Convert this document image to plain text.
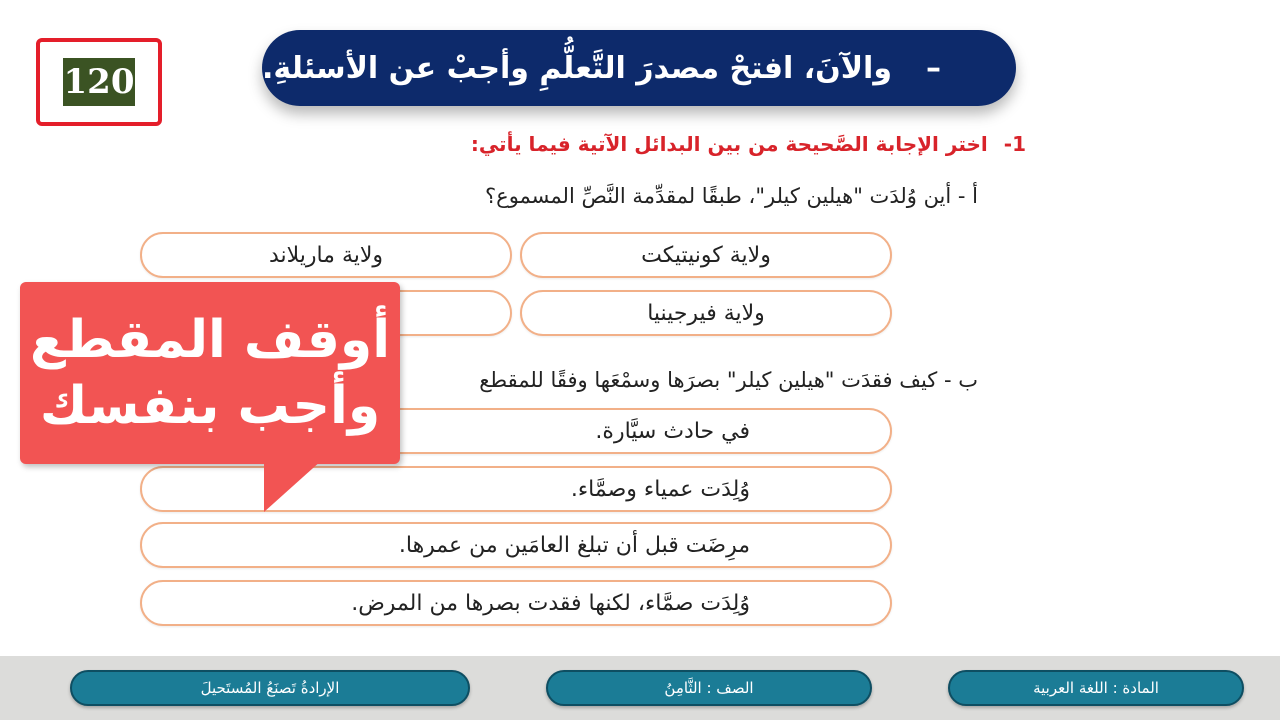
120	–
والآنَ، افتحْ مصدرَ التَّعلُّمِ وأجبْ عن الأسئلةِ.
1-اختر الإجابة الصَّحيحة من بين البدائل الآتية فيما يأتي:
أ - أين وُلدَت "هيلين كيلر"، طبقًا لمقدِّمة النَّصِّ المسموع؟
ولاية كونيتيكت
ولاية ماريلاند
ولاية فيرجينيا
ب - كيف فقدَت "هيلين كيلر" بصرَها وسمْعَها وفقًا للمقطع
في حادث سيَّارة.
وُلِدَت عمياء وصمَّاء.
مرِضَت قبل أن تبلغ العامَين من عمرها.
وُلِدَت صمَّاء، لكنها فقدت بصرها من المرض.
أوقف المقطع
وأجب بنفسك
الإرادةُ تَصنَعُ المُستَحيلَ	الصف : الثَّامِنُ	المادة : اللغة العربية
